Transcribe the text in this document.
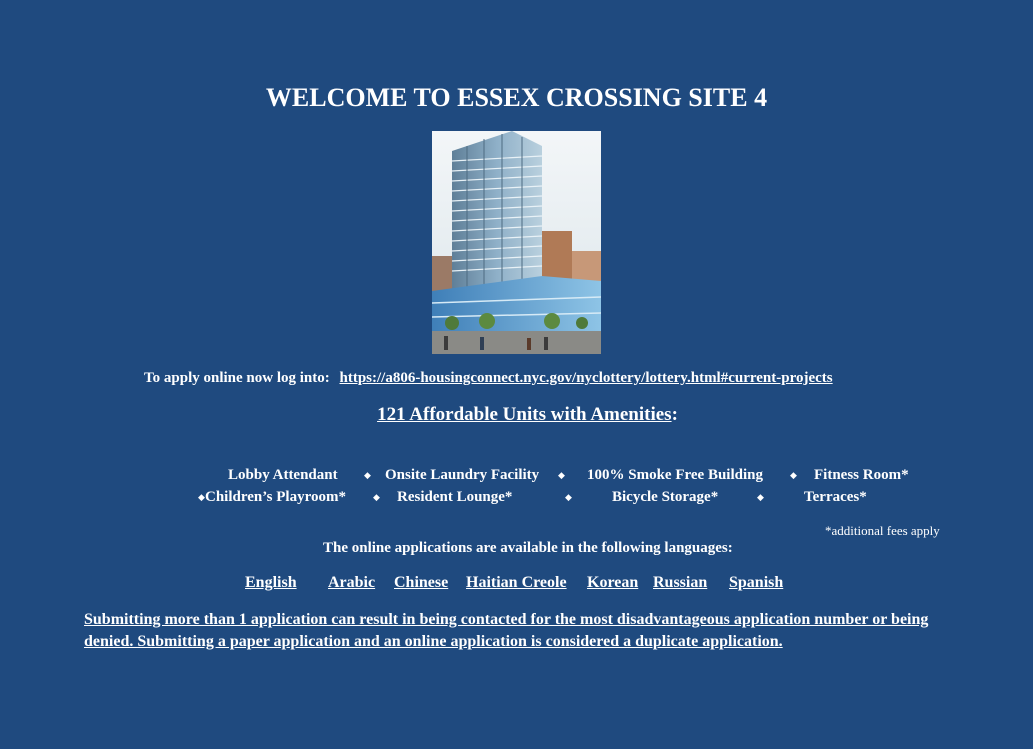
WELCOME TO ESSEX CROSSING SITE 4
To apply online now log into: https://a806-housingconnect.nyc.gov/nyclottery/lottery.html#current-projects
121 Affordable Units with Amenities:
Lobby Attendant	◆ Onsite Laundry Facility ◆ 100% Smoke Free Building	◆ Fitness Room*
◆ Children’s Playroom*	◆ Resident Lounge*	◆	Bicycle Storage*	◆	Terraces*
*additional fees apply
The online applications are available in the following languages:
English Arabic Chinese Haitian Creole Korean Russian Spanish
Submitting more than 1 application can result in being contacted for the most disadvantageous application number or being denied. Submitting a paper application and an online application is considered a duplicate application.
